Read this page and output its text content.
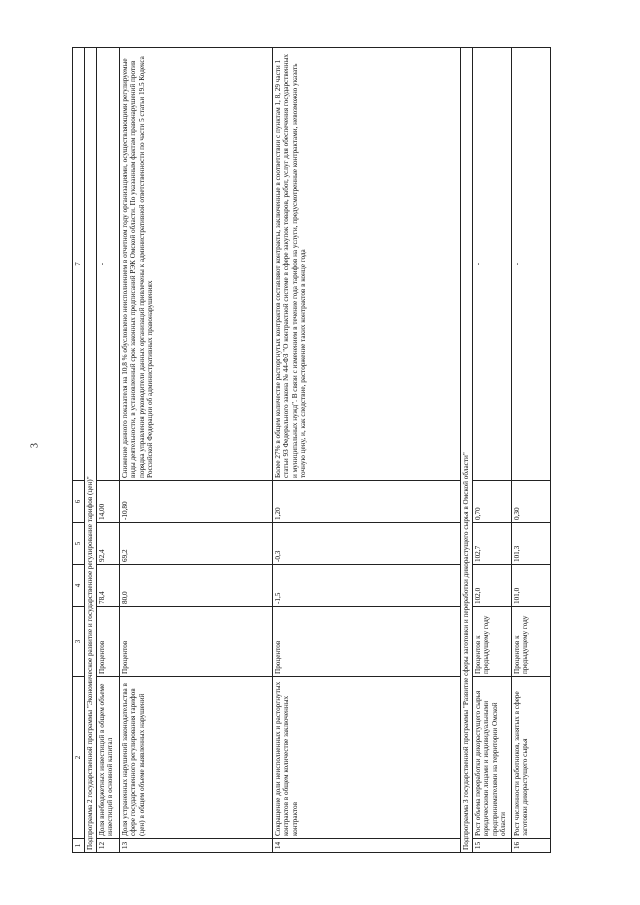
3
1	2	3	4	5	6	7
Подпрограмма 2 государственной программы "Экономическое развитие и государственное регулирование тарифов (цен)"						
12	Доля внебюджетных инвестиций в общем объеме инвестиций в основной капитал	Процентов	78,4	92,4	14,00	-
13	Доля устраненных нарушений законодательства в сфере государственного регулирования тарифов (цен) в общем объеме выявленных нарушений	Процентов	80,0	69,2	-10,80	Снижение данного показателя на 10,8 % обусловлено неисполнением в отчетном году организациями, осуществляющими регулируемые виды деятельности, в установленный срок законных предписаний РЭК Омской области. По указанным фактам правонарушений против порядка управления руководители данных организаций привлечены к административной ответственности по части 5 статьи 19.5 Кодекса Российской Федерации об административных правонарушениях
14	Сокращение доли неисполненных и расторгнутых контрактов в общем количестве заключенных контрактов	Процентов	-1,5	-0,3	1,20	Более 27% в общем количестве расторгнутых контрактов составляют контракты, заключенные в соответствии с пунктам 1, 8, 29 части 1 статьи 93 Федерального закона № 44-ФЗ "О контрактной системе в сфере закупок товаров, работ, услуг для обеспечения государственных и муниципальных нужд". В связи с изменением в течение года тарифов на услуги, предусмотренные контрактами, невозможно указать точную цену, и, как следствие, расторжение таких контрактов в конце года
Подпрограмма 3 государственной программы "Развитие сферы заготовки и переработки дикорастущего сырья в Омской области"						
15	Рост объема переработки дикорастущего сырья юридическими лицами и индивидуальными предпринимателями на территории Омской области	Процентов к предыдущему году	102,0	102,7	0,70	-
16	Рост численности работников, занятых в сфере заготовки дикорастущего сырья	Процентов к предыдущему году	101,0	101,3	0,30	-
